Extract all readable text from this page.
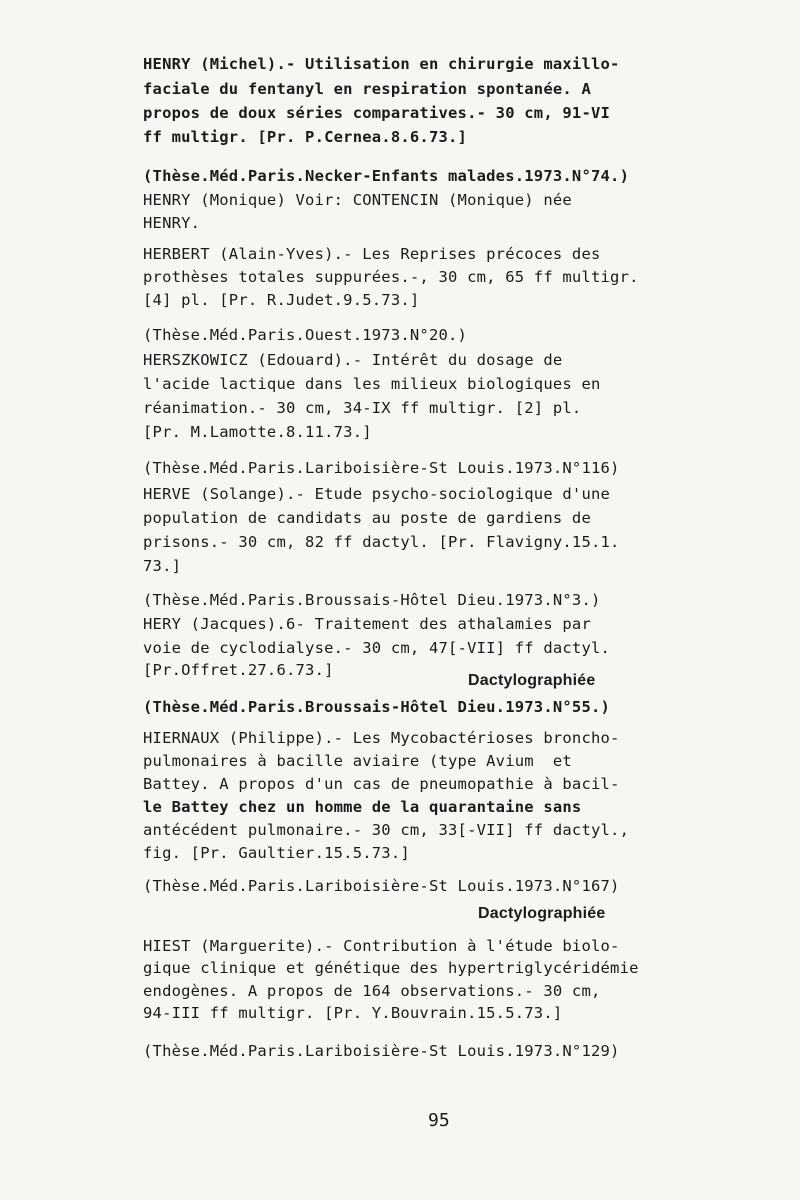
HENRY (Michel).- Utilisation en chirurgie maxillo-
faciale du fentanyl en respiration spontanée. A
propos de doux séries comparatives.- 30 cm, 91-VI
ff multigr. [Pr. P.Cernea.8.6.73.]
(Thèse.Méd.Paris.Necker-Enfants malades.1973.N°74.)
HENRY (Monique) Voir: CONTENCIN (Monique) née
HENRY.
HERBERT (Alain-Yves).- Les Reprises précoces des
prothèses totales suppurées.-, 30 cm, 65 ff multigr.
[4] pl. [Pr. R.Judet.9.5.73.]
(Thèse.Méd.Paris.Ouest.1973.N°20.)
HERSZKOWICZ (Edouard).- Intérêt du dosage de
l'acide lactique dans les milieux biologiques en
réanimation.- 30 cm, 34-IX ff multigr. [2] pl.
[Pr. M.Lamotte.8.11.73.]
(Thèse.Méd.Paris.Lariboisière-St Louis.1973.N°116)
HERVE (Solange).- Etude psycho-sociologique d'une
population de candidats au poste de gardiens de
prisons.- 30 cm, 82 ff dactyl. [Pr. Flavigny.15.1.
73.]
(Thèse.Méd.Paris.Broussais-Hôtel Dieu.1973.N°3.)
HERY (Jacques).6- Traitement des athalamies par
voie de cyclodialyse.- 30 cm, 47[-VII] ff dactyl.
[Pr.Offret.27.6.73.]
Dactylographiée
(Thèse.Méd.Paris.Broussais-Hôtel Dieu.1973.N°55.)
HIERNAUX (Philippe).- Les Mycobactérioses broncho-
pulmonaires à bacille aviaire (type Avium  et
Battey. A propos d'un cas de pneumopathie à bacil-
le Battey chez un homme de la quarantaine sans
antécédent pulmonaire.- 30 cm, 33[-VII] ff dactyl.,
fig. [Pr. Gaultier.15.5.73.]
(Thèse.Méd.Paris.Lariboisière-St Louis.1973.N°167)
Dactylographiée
HIEST (Marguerite).- Contribution à l'étude biolo-
gique clinique et génétique des hypertriglycéridémie
endogènes. A propos de 164 observations.- 30 cm,
94-III ff multigr. [Pr. Y.Bouvrain.15.5.73.]
(Thèse.Méd.Paris.Lariboisière-St Louis.1973.N°129)
95
